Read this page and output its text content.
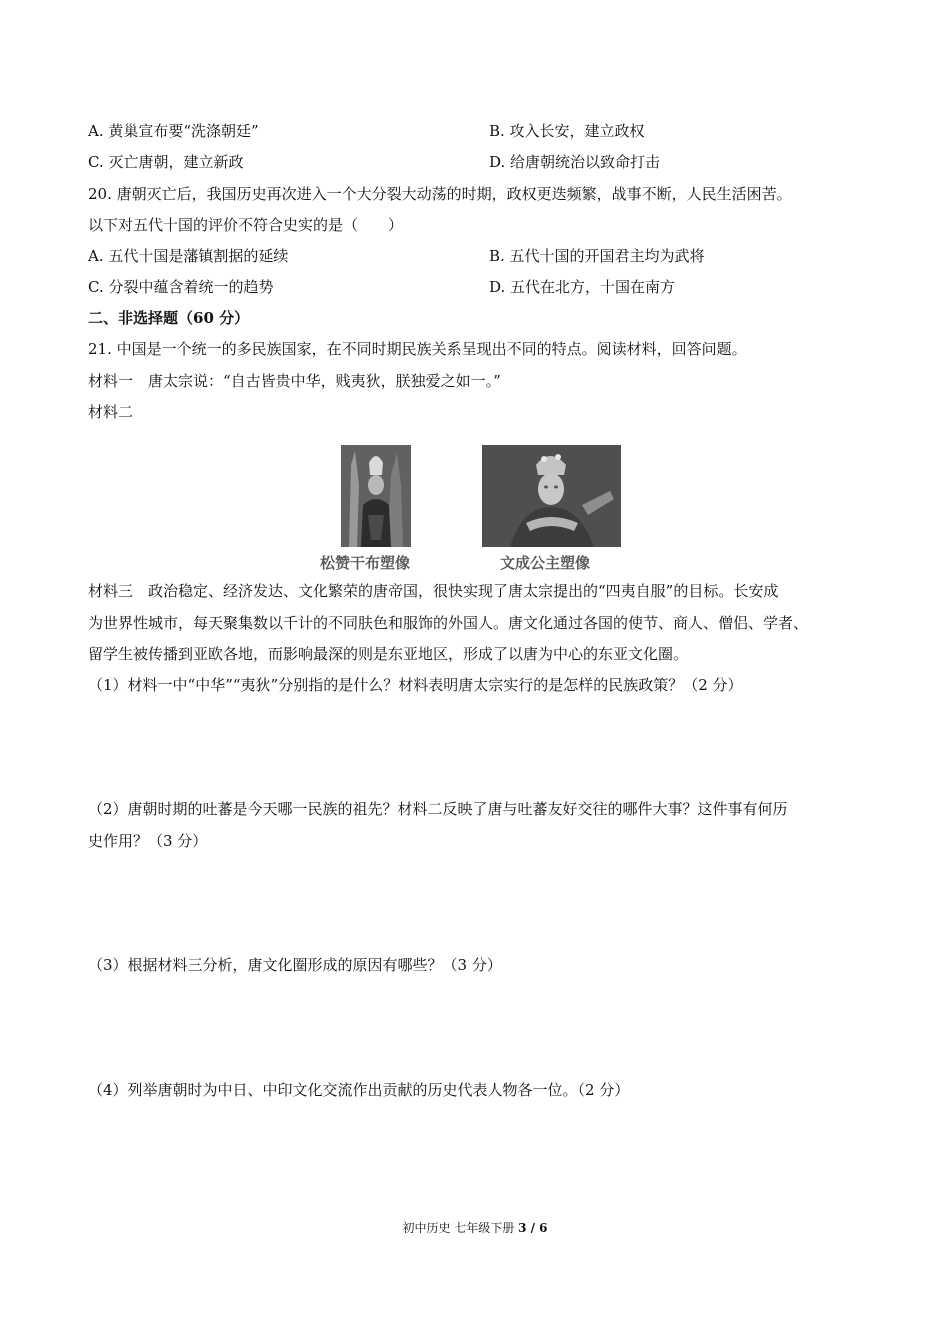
A. 黄巢宣布要“洗涤朝廷”	B. 攻入长安，建立政权
C. 灭亡唐朝，建立新政	D. 给唐朝统治以致命打击
20. 唐朝灭亡后，我国历史再次进入一个大分裂大动荡的时期，政权更迭频繁，战事不断，人民生活困苦。
以下对五代十国的评价不符合史实的是（　　）
A. 五代十国是藩镇割据的延续	B. 五代十国的开国君主均为武将
C. 分裂中蕴含着统一的趋势	D. 五代在北方，十国在南方
二、非选择题（60 分）
21. 中国是一个统一的多民族国家，在不同时期民族关系呈现出不同的特点。阅读材料，回答问题。
材料一　唐太宗说：“自古皆贵中华，贱夷狄，朕独爱之如一。”
材料二
松赞干布塑像	文成公主塑像
材料三　政治稳定、经济发达、文化繁荣的唐帝国，很快实现了唐太宗提出的“四夷自服”的目标。长安成
为世界性城市，每天聚集数以千计的不同肤色和服饰的外国人。唐文化通过各国的使节、商人、僧侣、学者、
留学生被传播到亚欧各地，而影响最深的则是东亚地区，形成了以唐为中心的东亚文化圈。
（1）材料一中“中华”“夷狄”分别指的是什么？材料表明唐太宗实行的是怎样的民族政策？（2 分）
（2）唐朝时期的吐蕃是今天哪一民族的祖先？材料二反映了唐与吐蕃友好交往的哪件大事？这件事有何历
史作用？（3 分）
（3）根据材料三分析，唐文化圈形成的原因有哪些？（3 分）
（4）列举唐朝时为中日、中印文化交流作出贡献的历史代表人物各一位。（2 分）
初中历史 七年级下册 3 / 6
